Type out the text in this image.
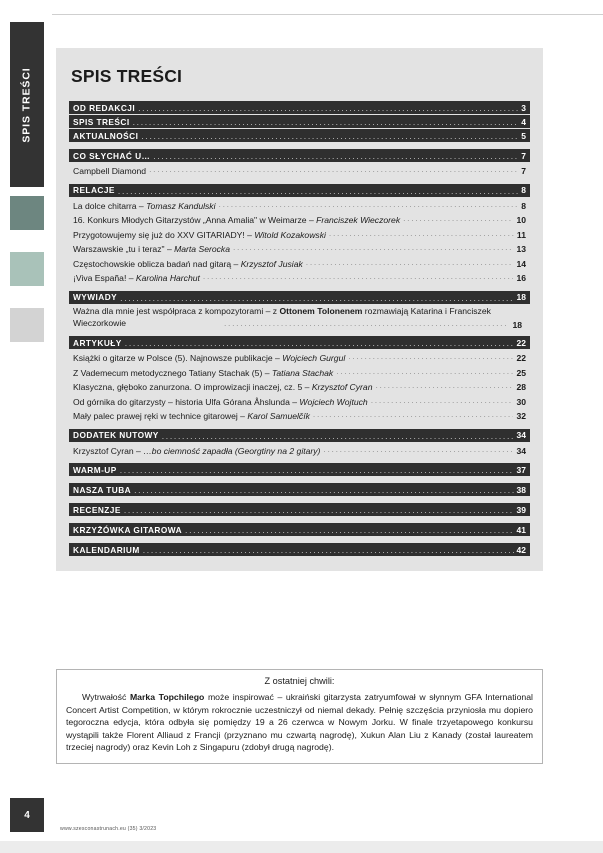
SPIS TREŚCI
4
SPIS TREŚCI
OD REDAKCJI .....	3
SPIS TREŚCI .....	4
AKTUALNOŚCI .....	5
CO SŁYCHAĆ U… .....	7
Campbell Diamond .....	7
RELACJE .....	8
La dolce chitarra – Tomasz Kandulski .....	8
16. Konkurs Młodych Gitarzystów „Anna Amalia" w Weimarze – Franciszek Wieczorek .....	10
Przygotowujemy się już do XXV GITARIADY! – Witold Kozakowski .....	11
Warszawskie „tu i teraz" – Marta Serocka .....	13
Częstochowskie oblicza badań nad gitarą – Krzysztof Jusiak .....	14
¡Viva España! – Karolina Harchut .....	16
WYWIADY .....	18
Ważna dla mnie jest współpraca z kompozytorami – z Ottonem Tolonenem rozmawiają Katarina i Franciszek Wieczorkowie .....	18
ARTYKUŁY .....	22
Książki o gitarze w Polsce (5). Najnowsze publikacje – Wojciech Gurgul .....	22
Z Vademecum metodycznego Tatiany Stachak (5) – Tatiana Stachak .....	25
Klasyczna, głęboko zanurzona. O improwizacji inaczej, cz. 5 – Krzysztof Cyran .....	28
Od górnika do gitarzysty – historia Ulfa Górana Åhslunda – Wojciech Wojtuch .....	30
Mały palec prawej ręki w technice gitarowej – Karol Samuelčík .....	32
DODATEK NUTOWY .....	34
Krzysztof Cyran – …bo ciemność zapadła (Georgtiny na 2 gitary) .....	34
WARM-UP .....	37
NASZA TUBA .....	38
RECENZJE .....	39
KRZYŻÓWKA GITAROWA .....	41
KALENDARIUM .....	42
Z ostatniej chwili:
Wytrwałość Marka Topchilego może inspirować – ukraiński gitarzysta zatryumfował w słynnym GFA International Concert Artist Competition, w którym rokrocznie uczestniczył od niemal dekady. Pełnię szczęścia przyniosła mu dopiero tegoroczna edycja, która odbyła się pomiędzy 19 a 26 czerwca w Nowym Jorku. W finale trzyetapowego konkursu wystąpili także Florent Alliaud z Francji (przyznano mu czwartą nagrodę), Xukun Alan Liu z Kanady (został laureatem trzeciej nagrody) oraz Kevin Loh z Singapuru (zdobył drugą nagrodę).
www.szesconastrunach.eu (35) 3/2023
